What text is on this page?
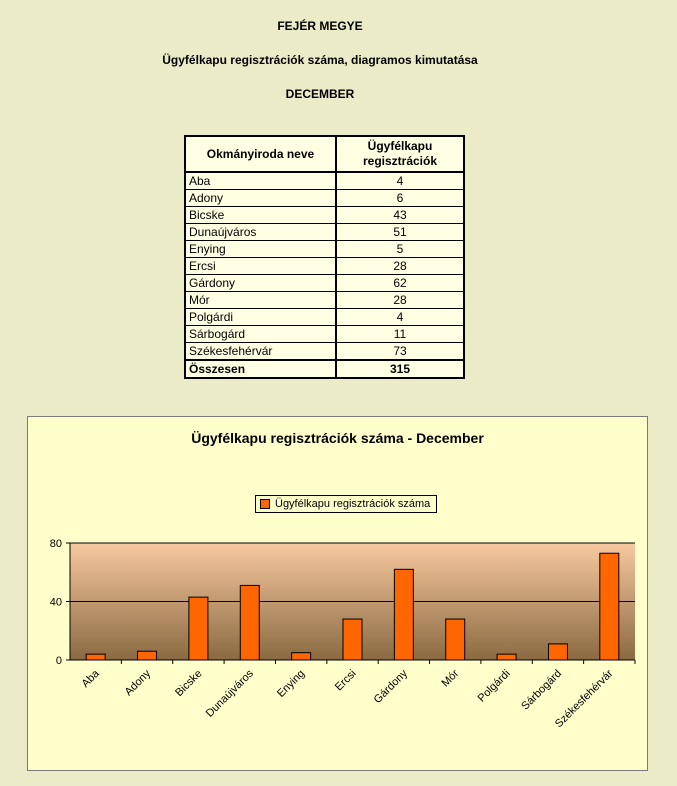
FEJÉR MEGYE
Ügyfélkapu regisztrációk száma, diagramos kimutatása
DECEMBER
Okmányiroda neve	Ügyfélkapu regisztrációk
Aba	4
Adony	6
Bicske	43
Dunaújváros	51
Enying	5
Ercsi	28
Gárdony	62
Mór	28
Polgárdi	4
Sárbogárd	11
Székesfehérvár	73
Összesen	315
0
40
80
Aba Adony Bicske Dunaújváros Enying Ercsi Gárdony	Mór Polgárdi Sárbogárd
Székesfehérvár
Ügyfélkapu regisztrációk száma - December
Ügyfélkapu regisztrációk száma
